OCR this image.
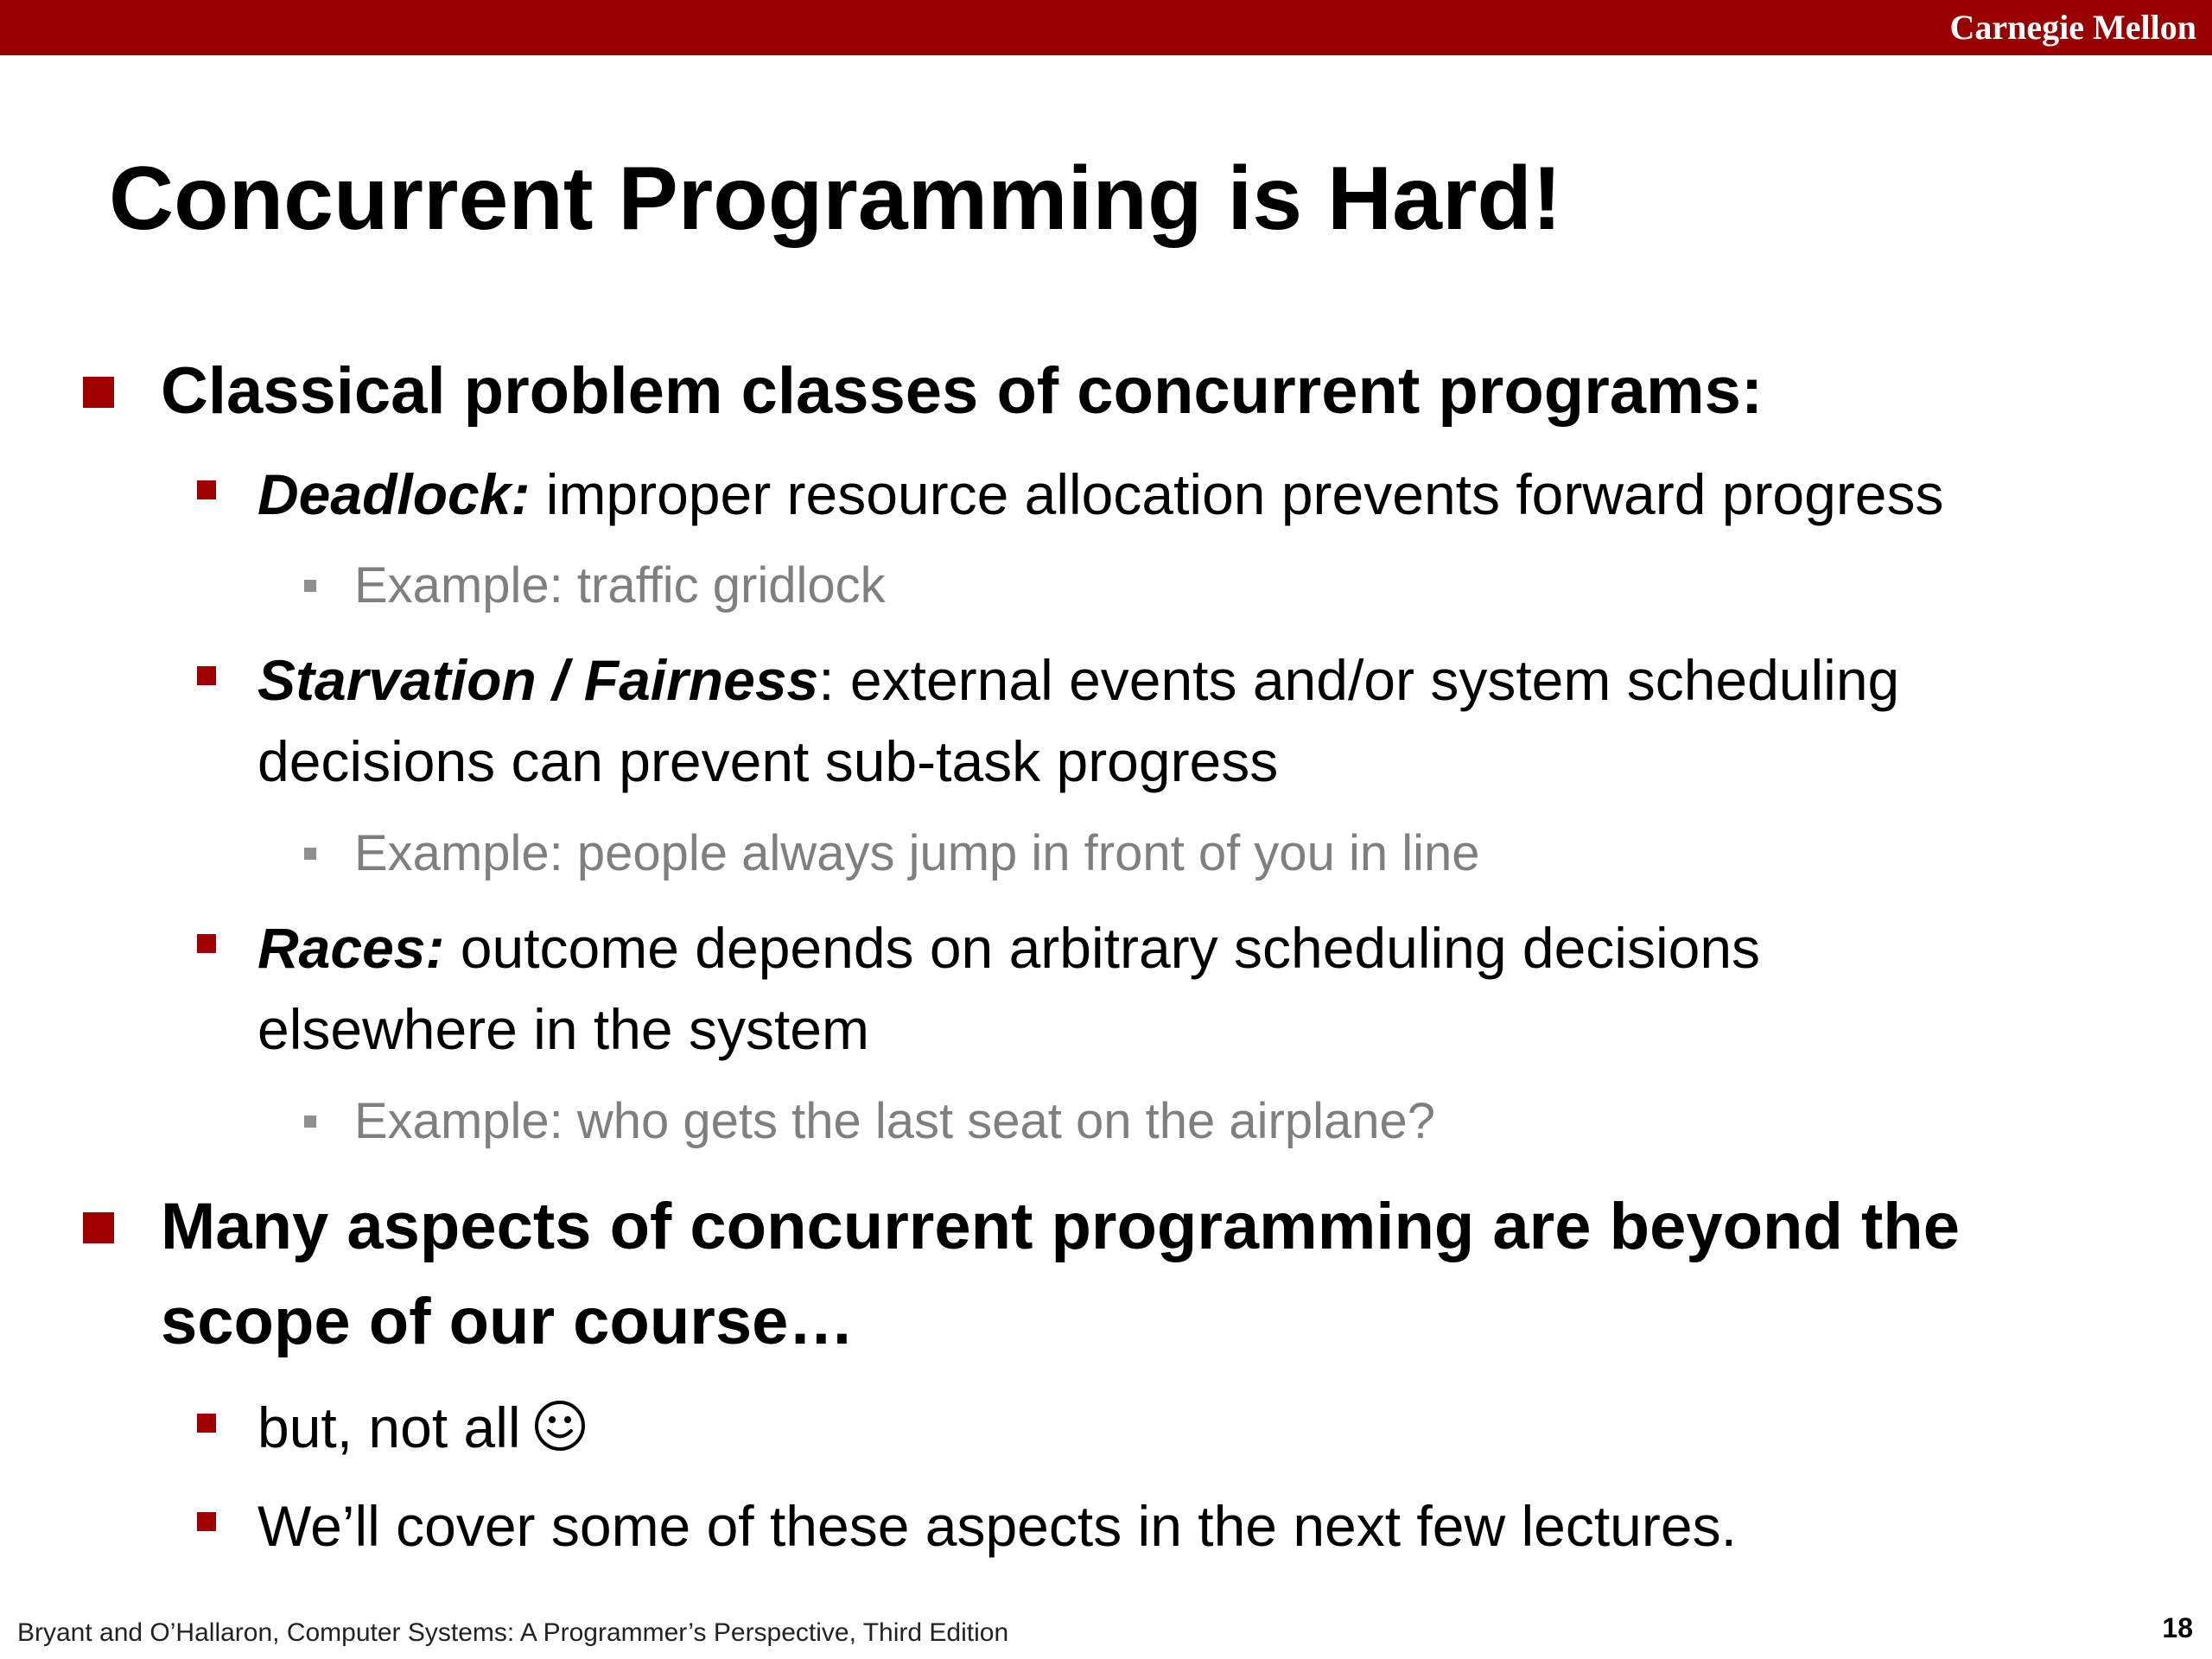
Carnegie Mellon
Concurrent Programming is Hard!
Classical problem classes of concurrent programs:
Deadlock: improper resource allocation prevents forward progress
Example: traffic gridlock
Starvation / Fairness: external events and/or system scheduling
decisions can prevent sub-task progress
Example: people always jump in front of you in line
Races: outcome depends on arbitrary scheduling decisions
elsewhere in the system
Example: who gets the last seat on the airplane?
Many aspects of concurrent programming are beyond the
scope of our course…
but, not all
We’ll cover some of these aspects in the next few lectures.
Bryant and O’Hallaron, Computer Systems: A Programmer’s Perspective, Third Edition	18
